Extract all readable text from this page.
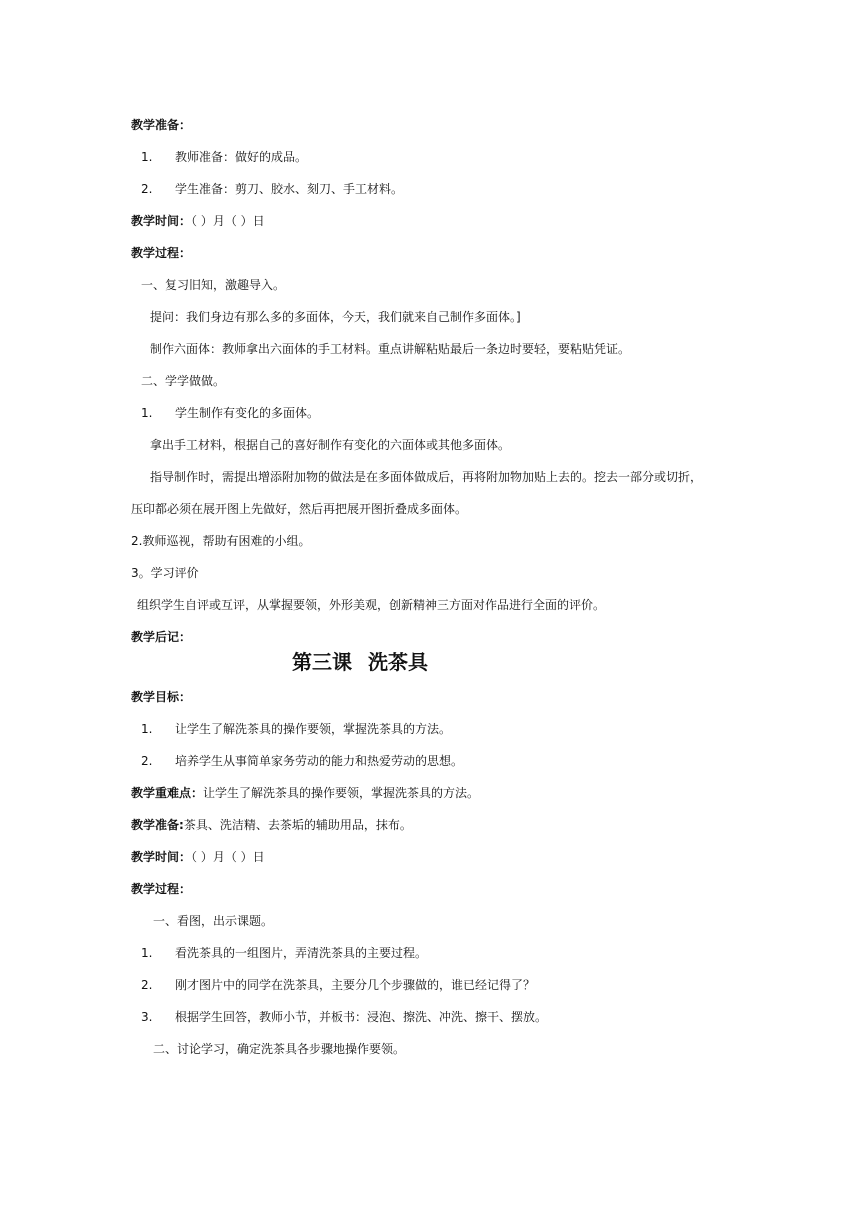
教学准备：
1. 教师准备：做好的成品。
2. 学生准备：剪刀、胶水、刻刀、手工材料。
教学时间：（ ）月（ ）日
教学过程：
一、复习旧知，激趣导入。
提问：我们身边有那么多的多面体，今天，我们就来自己制作多面体。]
制作六面体：教师拿出六面体的手工材料。重点讲解粘贴最后一条边时要轻，要粘贴凭证。
二、学学做做。
1. 学生制作有变化的多面体。
拿出手工材料，根据自己的喜好制作有变化的六面体或其他多面体。
指导制作时，需提出增添附加物的做法是在多面体做成后，再将附加物加贴上去的。挖去一部分或切折，
压印都必须在展开图上先做好，然后再把展开图折叠成多面体。
2.教师巡视，帮助有困难的小组。
3。学习评价
组织学生自评或互评，从掌握要领，外形美观，创新精神三方面对作品进行全面的评价。
教学后记：
第三课 洗茶具
教学目标：
1. 让学生了解洗茶具的操作要领，掌握洗茶具的方法。
2. 培养学生从事简单家务劳动的能力和热爱劳动的思想。
教学重难点：让学生了解洗茶具的操作要领，掌握洗茶具的方法。
教学准备:茶具、洗洁精、去茶垢的辅助用品，抹布。
教学时间：（ ）月（ ）日
教学过程：
一、看图，出示课题。
1. 看洗茶具的一组图片，弄清洗茶具的主要过程。
2. 刚才图片中的同学在洗茶具，主要分几个步骤做的，谁已经记得了？
3. 根据学生回答，教师小节，并板书：浸泡、擦洗、冲洗、擦干、摆放。
二、讨论学习，确定洗茶具各步骤地操作要领。
